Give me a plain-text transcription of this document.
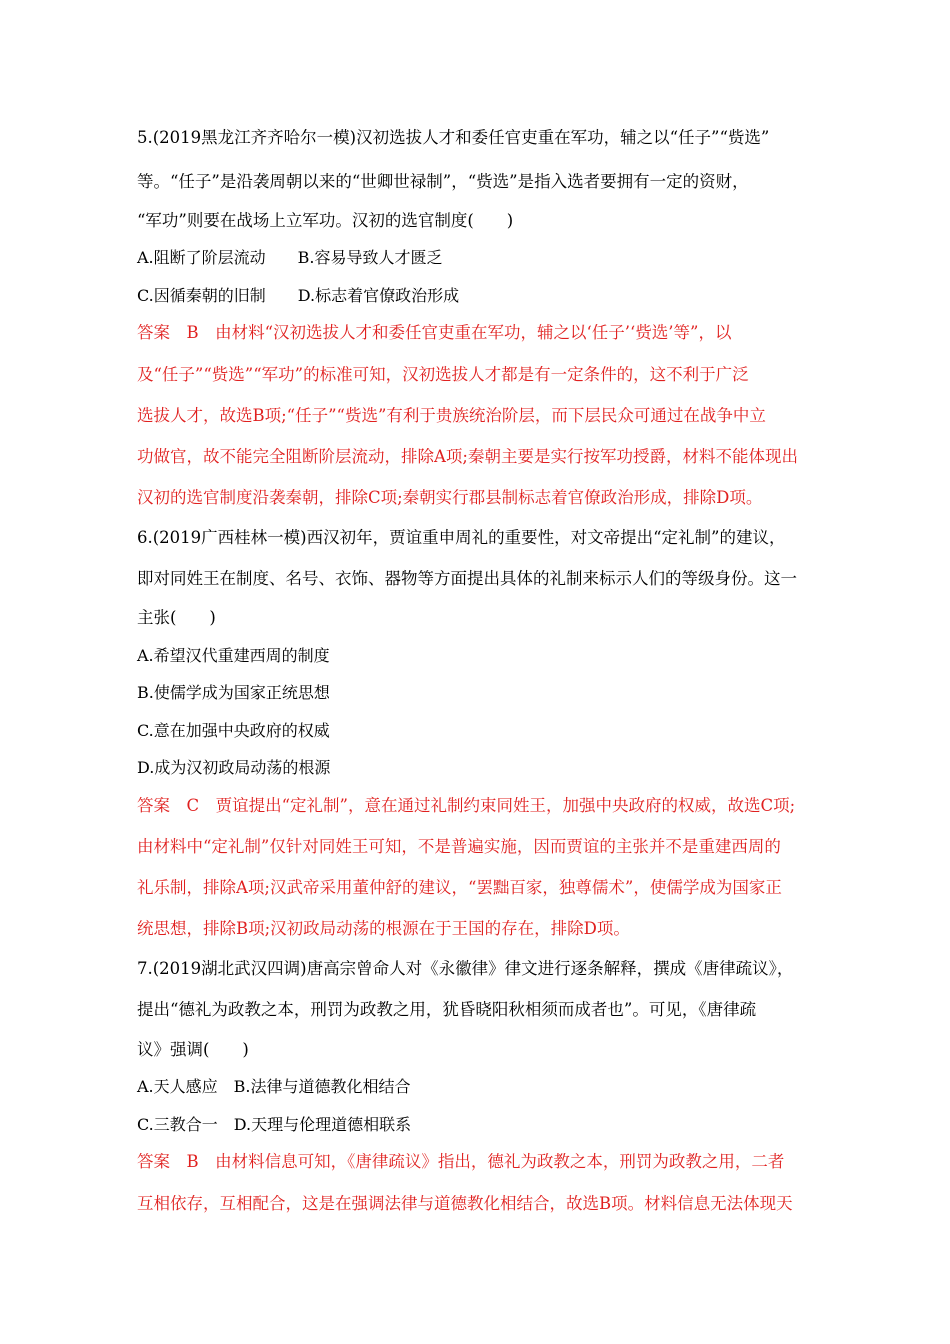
5.(2019黑龙江齐齐哈尔一模)汉初选拔人才和委任官吏重在军功，辅之以“任子”“赀选”
等。“任子”是沿袭周朝以来的“世卿世禄制”，“赀选”是指入选者要拥有一定的资财，
“军功”则要在战场上立军功。汉初的选官制度(　　)
A.阻断了阶层流动　　B.容易导致人才匮乏
C.因循秦朝的旧制　　D.标志着官僚政治形成
答案　B　由材料“汉初选拔人才和委任官吏重在军功，辅之以‘任子’‘赀选’等”，以
及“任子”“赀选”“军功”的标准可知，汉初选拔人才都是有一定条件的，这不利于广泛
选拔人才，故选B项;“任子”“赀选”有利于贵族统治阶层，而下层民众可通过在战争中立
功做官，故不能完全阻断阶层流动，排除A项;秦朝主要是实行按军功授爵，材料不能体现出
汉初的选官制度沿袭秦朝，排除C项;秦朝实行郡县制标志着官僚政治形成，排除D项。
6.(2019广西桂林一模)西汉初年，贾谊重申周礼的重要性，对文帝提出“定礼制”的建议，
即对同姓王在制度、名号、衣饰、器物等方面提出具体的礼制来标示人们的等级身份。这一
主张(　　)
A.希望汉代重建西周的制度
B.使儒学成为国家正统思想
C.意在加强中央政府的权威
D.成为汉初政局动荡的根源
答案　C　贾谊提出“定礼制”，意在通过礼制约束同姓王，加强中央政府的权威，故选C项;
由材料中“定礼制”仅针对同姓王可知，不是普遍实施，因而贾谊的主张并不是重建西周的
礼乐制，排除A项;汉武帝采用董仲舒的建议，“罢黜百家，独尊儒术”，使儒学成为国家正
统思想，排除B项;汉初政局动荡的根源在于王国的存在，排除D项。
7.(2019湖北武汉四调)唐高宗曾命人对《永徽律》律文进行逐条解释，撰成《唐律疏议》，
提出“德礼为政教之本，刑罚为政教之用，犹昏晓阳秋相须而成者也”。可见，《唐律疏
议》强调(　　)
A.天人感应　B.法律与道德教化相结合
C.三教合一　D.天理与伦理道德相联系
答案　B　由材料信息可知，《唐律疏议》指出，德礼为政教之本，刑罚为政教之用，二者
互相依存，互相配合，这是在强调法律与道德教化相结合，故选B项。材料信息无法体现天
